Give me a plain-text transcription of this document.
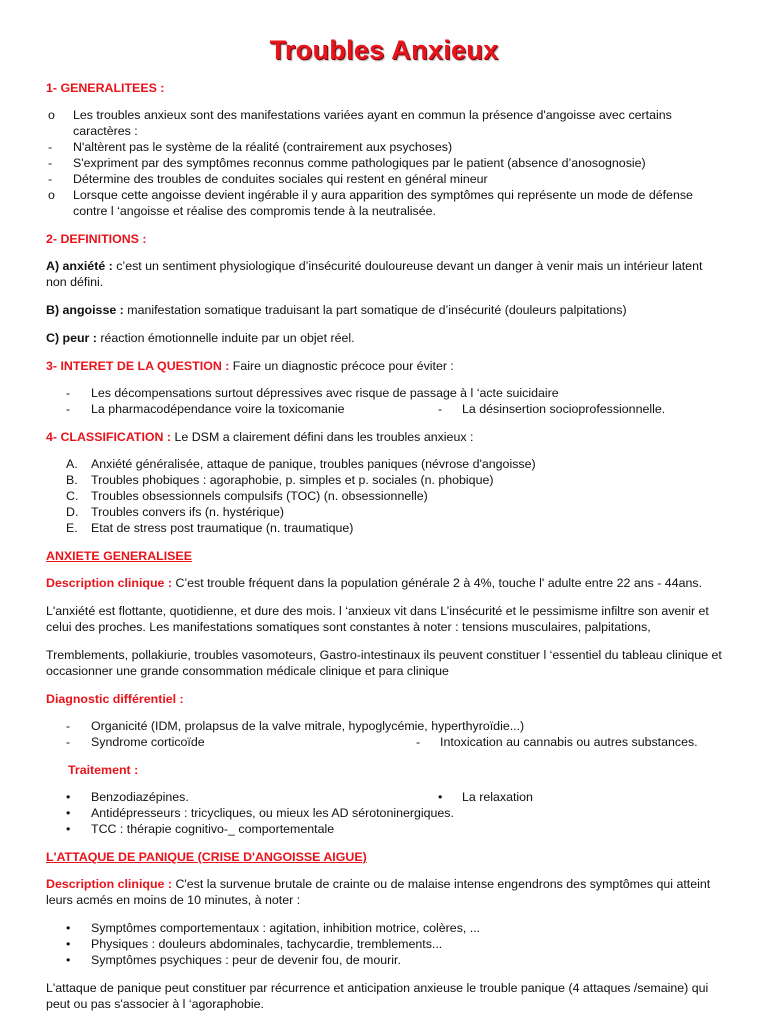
Troubles Anxieux
1- GENERALITEES :
o	Les troubles anxieux sont des manifestations variées ayant en commun la présence d'angoisse avec certains caractères :
-	N'altèrent pas le système de la réalité (contrairement aux psychoses)
-	S'expriment par des symptômes reconnus comme pathologiques par le patient (absence d’anosognosie)
-	Détermine des troubles de conduites sociales qui restent en général mineur
o	Lorsque cette angoisse devient ingérable il y aura apparition des symptômes qui représente un mode de défense contre l ‘angoisse et réalise des compromis tende à la neutralisée.
2- DEFINITIONS :
A) anxiété : c’est un sentiment physiologique d’insécurité douloureuse devant un danger à venir mais un intérieur latent non défini.
B) angoisse : manifestation somatique traduisant la part somatique de d’insécurité (douleurs palpitations)
C) peur : réaction émotionnelle induite par un objet réel.
3- INTERET DE LA QUESTION : Faire un diagnostic précoce pour éviter :
-	Les décompensations surtout dépressives avec risque de passage à l ‘acte suicidaire
- La pharmacodépendance voire la toxicomanie	- La désinsertion socioprofessionnelle.
4- CLASSIFICATION : Le DSM a clairement défini dans les troubles anxieux :
A.	Anxiété généralisée, attaque de panique, troubles paniques (névrose d'angoisse)
B.	Troubles phobiques : agoraphobie, p. simples et p. sociales (n. phobique)
C.	Troubles obsessionnels compulsifs (TOC) (n. obsessionnelle)
D.	Troubles convers ifs (n. hystérique)
E.	Etat de stress post traumatique (n. traumatique)
ANXIETE GENERALISEE
Description clinique : C’est trouble fréquent dans la population générale 2 à 4%, touche l' adulte entre 22 ans - 44ans.
L'anxiété est flottante, quotidienne, et dure des mois. l ‘anxieux vit dans L’insécurité et le pessimisme infiltre son avenir et celui des proches. Les manifestations somatiques sont constantes à noter : tensions musculaires, palpitations,
Tremblements, pollakiurie, troubles vasomoteurs, Gastro-intestinaux ils peuvent constituer l ‘essentiel du tableau clinique et occasionner une grande consommation médicale clinique et para clinique
Diagnostic différentiel :
-	Organicité (IDM, prolapsus de la valve mitrale, hypoglycémie, hyperthyroïdie...)
- Syndrome corticoïde	- Intoxication au cannabis ou autres substances.
Traitement :
• Benzodiazépines.	• La relaxation
•	Antidépresseurs : tricycliques, ou mieux les AD sérotoninergiques.
•	TCC : thérapie cognitivo-_ comportementale
L'ATTAQUE DE PANIQUE (CRISE D'ANGOISSE AIGUE)
Description clinique : C'est la survenue brutale de crainte ou de malaise intense engendrons des symptômes qui atteint leurs acmés en moins de 10 minutes, à noter :
•	Symptômes comportementaux : agitation, inhibition motrice, colères, ...
•	Physiques : douleurs abdominales, tachycardie, tremblements...
•	Symptômes psychiques : peur de devenir fou, de mourir.
L'attaque de panique peut constituer par récurrence et anticipation anxieuse le trouble panique (4 attaques /semaine) qui peut ou pas s'associer à l ‘agoraphobie.
